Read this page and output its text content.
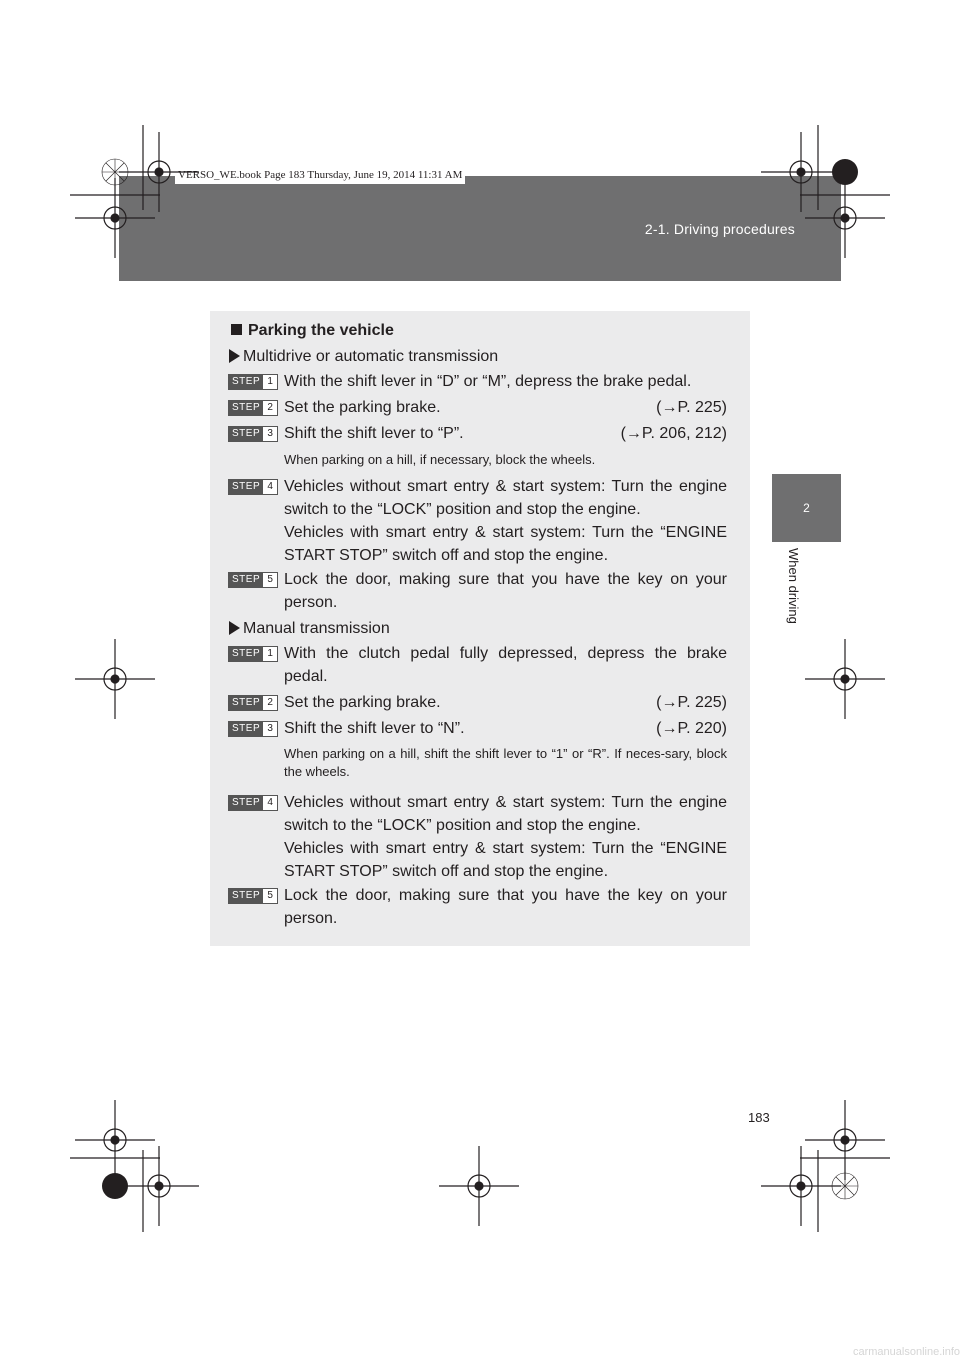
2-1. Driving procedures
VERSO_WE.book Page 183 Thursday, June 19, 2014 11:31 AM
2
When driving
Parking the vehicle
Multidrive or automatic transmission
STEP 1 With the shift lever in “D” or “M”, depress the brake pedal.
STEP 2 Set the parking brake.	(→P. 225)
STEP 3 Shift the shift lever to “P”.	(→P. 206, 212)
When parking on a hill, if necessary, block the wheels.
STEP 4 Vehicles without smart entry & start system: Turn the engine switch to the “LOCK” position and stop the engine.
Vehicles with smart entry & start system: Turn the “ENGINE START STOP” switch off and stop the engine.
STEP 5 Lock the door, making sure that you have the key on your person.
Manual transmission
STEP 1 With the clutch pedal fully depressed, depress the brake pedal.
STEP 2 Set the parking brake.	(→P. 225)
STEP 3 Shift the shift lever to “N”.	(→P. 220)
When parking on a hill, shift the shift lever to “1” or “R”. If neces-sary, block the wheels.
STEP 4 Vehicles without smart entry & start system: Turn the engine switch to the “LOCK” position and stop the engine.
Vehicles with smart entry & start system: Turn the “ENGINE START STOP” switch off and stop the engine.
STEP 5 Lock the door, making sure that you have the key on your person.
183
carmanualsonline.info
